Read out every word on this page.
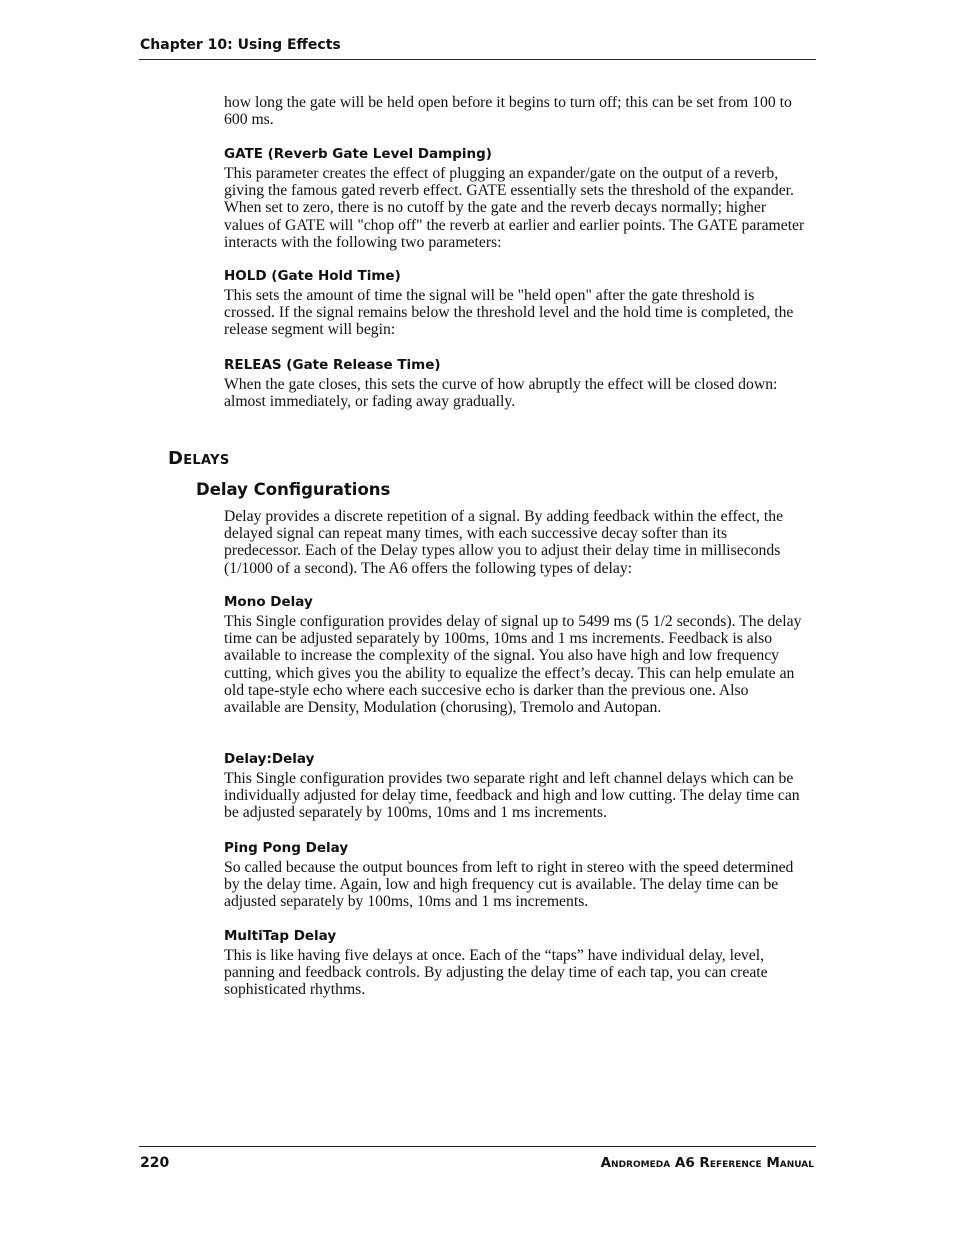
Chapter 10: Using Effects

how long the gate will be held open before it begins to turn off; this can be set from 100 to 600 ms.

GATE (Reverb Gate Level Damping)

This parameter creates the effect of plugging an expander/gate on the output of a reverb, giving the famous gated reverb effect. GATE essentially sets the threshold of the expander. When set to zero, there is no cutoff by the gate and the reverb decays normally; higher values of GATE will "chop off" the reverb at earlier and earlier points. The GATE parameter interacts with the following two parameters:

HOLD (Gate Hold Time)

This sets the amount of time the signal will be "held open" after the gate threshold is crossed. If the signal remains below the threshold level and the hold time is completed, the release segment will begin:

RELEAS (Gate Release Time)

When the gate closes, this sets the curve of how abruptly the effect will be closed down: almost immediately, or fading away gradually.

Delays
Delay Configurations

Delay provides a discrete repetition of a signal. By adding feedback within the effect, the delayed signal can repeat many times, with each successive decay softer than its predecessor. Each of the Delay types allow you to adjust their delay time in milliseconds (1/1000 of a second). The A6 offers the following types of delay:

Mono Delay

This Single configuration provides delay of signal up to 5499 ms (5 1/2 seconds). The delay time can be adjusted separately by 100ms, 10ms and 1 ms increments. Feedback is also available to increase the complexity of the signal. You also have high and low frequency cutting, which gives you the ability to equalize the effect’s decay. This can help emulate an old tape-style echo where each succesive echo is darker than the previous one. Also available are Density, Modulation (chorusing), Tremolo and Autopan.

Delay:Delay

This Single configuration provides two separate right and left channel delays which can be individually adjusted for delay time, feedback and high and low cutting. The delay time can be adjusted separately by 100ms, 10ms and 1 ms increments.

Ping Pong Delay

So called because the output bounces from left to right in stereo with the speed determined by the delay time. Again, low and high frequency cut is available. The delay time can be adjusted separately by 100ms, 10ms and 1 ms increments.

MultiTap Delay

This is like having five delays at once. Each of the “taps” have individual delay, level, panning and feedback controls. By adjusting the delay time of each tap, you can create sophisticated rhythms.

220	Andromeda A6 Reference Manual
